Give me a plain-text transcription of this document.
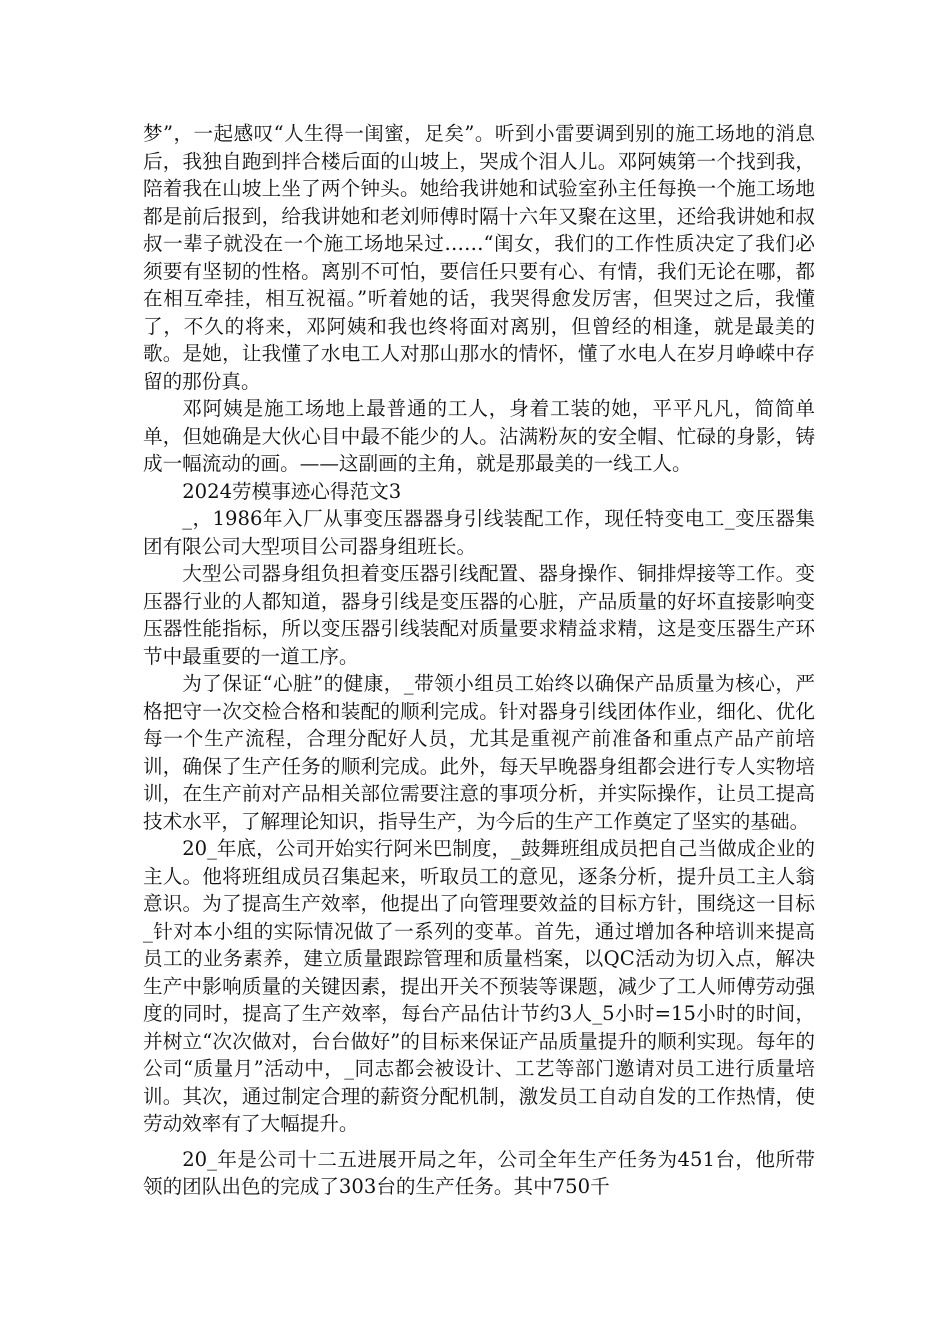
梦”，一起感叹“人生得一闺蜜，足矣”。听到小雷要调到别的施工场地的消息后，我独自跑到拌合楼后面的山坡上，哭成个泪人儿。邓阿姨第一个找到我，陪着我在山坡上坐了两个钟头。她给我讲她和试验室孙主任每换一个施工场地都是前后报到，给我讲她和老刘师傅时隔十六年又聚在这里，还给我讲她和叔叔一辈子就没在一个施工场地呆过……“闺女，我们的工作性质决定了我们必须要有坚韧的性格。离别不可怕，要信任只要有心、有情，我们无论在哪，都在相互牵挂，相互祝福。”听着她的话，我哭得愈发厉害，但哭过之后，我懂了，不久的将来，邓阿姨和我也终将面对离别，但曾经的相逢，就是最美的歌。是她，让我懂了水电工人对那山那水的情怀，懂了水电人在岁月峥嵘中存留的那份真。

邓阿姨是施工场地上最普通的工人，身着工装的她，平平凡凡，简简单单，但她确是大伙心目中最不能少的人。沾满粉灰的安全帽、忙碌的身影，铸成一幅流动的画。——这副画的主角，就是那最美的一线工人。

2024劳模事迹心得范文3

_，1986年入厂从事变压器器身引线装配工作，现任特变电工_变压器集团有限公司大型项目公司器身组班长。

大型公司器身组负担着变压器引线配置、器身操作、铜排焊接等工作。变压器行业的人都知道，器身引线是变压器的心脏，产品质量的好坏直接影响变压器性能指标，所以变压器引线装配对质量要求精益求精，这是变压器生产环节中最重要的一道工序。

为了保证“心脏”的健康，_带领小组员工始终以确保产品质量为核心，严格把守一次交检合格和装配的顺利完成。针对器身引线团体作业，细化、优化每一个生产流程，合理分配好人员，尤其是重视产前准备和重点产品产前培训，确保了生产任务的顺利完成。此外，每天早晚器身组都会进行专人实物培训，在生产前对产品相关部位需要注意的事项分析，并实际操作，让员工提高技术水平，了解理论知识，指导生产，为今后的生产工作奠定了坚实的基础。

20_年底，公司开始实行阿米巴制度，_鼓舞班组成员把自己当做成企业的主人。他将班组成员召集起来，听取员工的意见，逐条分析，提升员工主人翁意识。为了提高生产效率，他提出了向管理要效益的目标方针，围绕这一目标_针对本小组的实际情况做了一系列的变革。首先，通过增加各种培训来提高员工的业务素养，建立质量跟踪管理和质量档案，以QC活动为切入点，解决生产中影响质量的关键因素，提出开关不预装等课题，减少了工人师傅劳动强度的同时，提高了生产效率，每台产品估计节约3人_5小时=15小时的时间，并树立“次次做对，台台做好”的目标来保证产品质量提升的顺利实现。每年的公司“质量月”活动中，_同志都会被设计、工艺等部门邀请对员工进行质量培训。其次，通过制定合理的薪资分配机制，激发员工自动自发的工作热情，使劳动效率有了大幅提升。

20_年是公司十二五进展开局之年，公司全年生产任务为451台，他所带领的团队出色的完成了303台的生产任务。其中750千
